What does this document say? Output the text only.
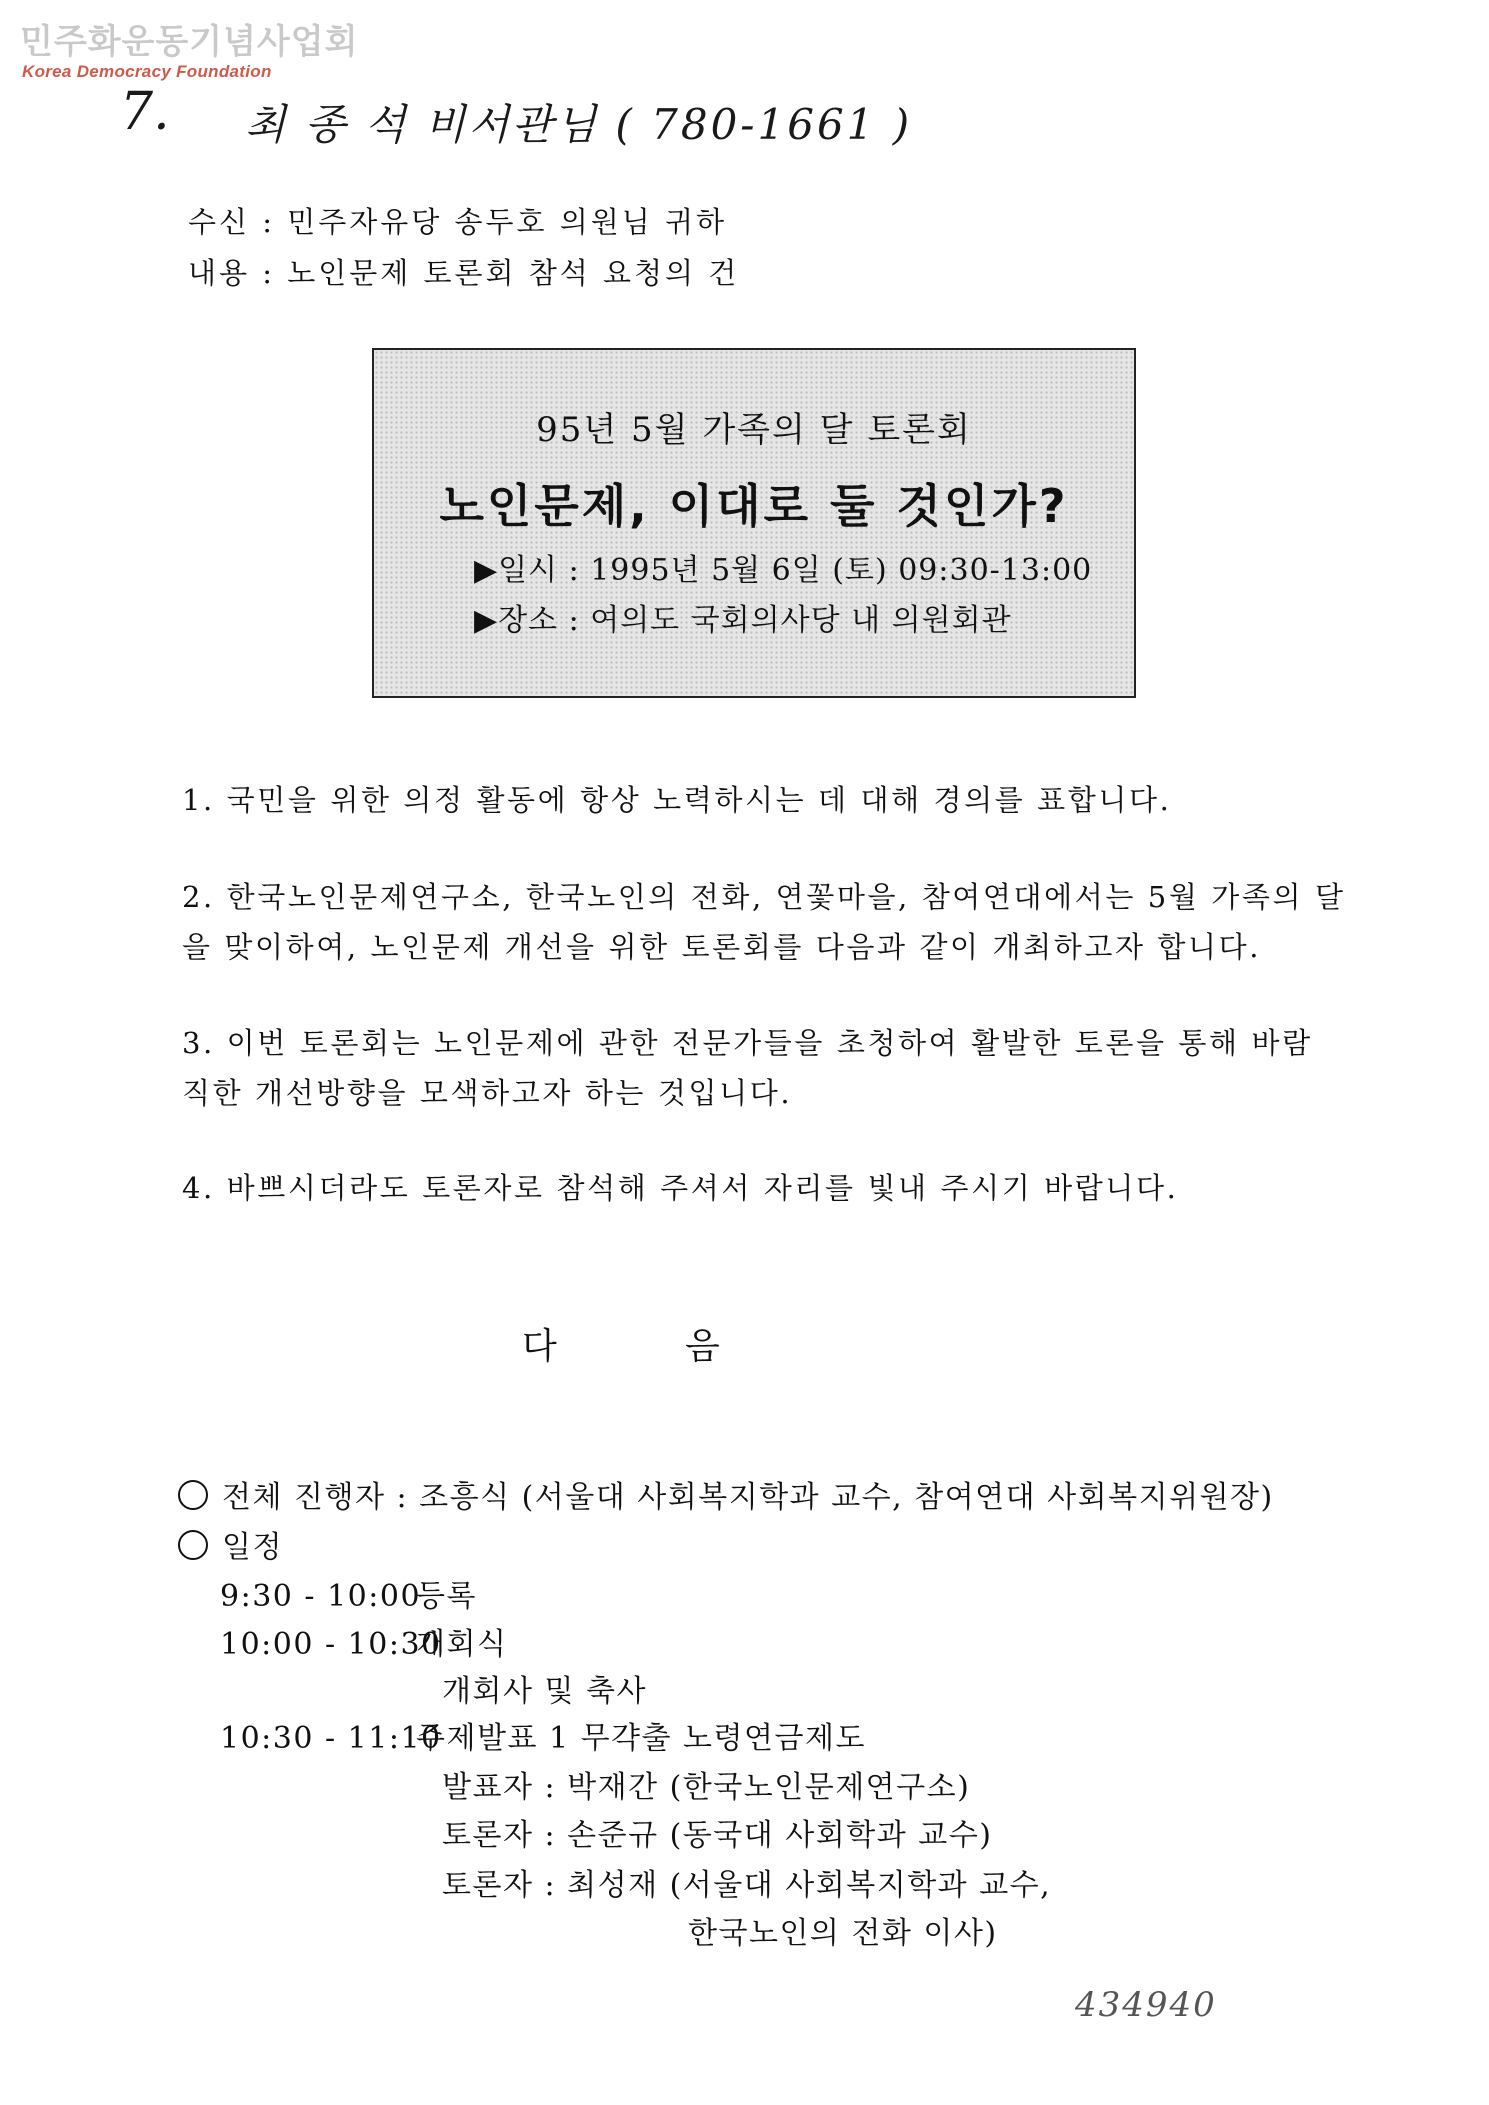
민주화운동기념사업회
Korea Democracy Foundation
7. 최 종 석 비서관님 ( 780-1661 )
수신 : 민주자유당 송두호 의원님 귀하
내용 : 노인문제 토론회 참석 요청의 건
95년 5월 가족의 달 토론회
노인문제, 이대로 둘 것인가?
▶일시 : 1995년 5월 6일 (토) 09:30-13:00
▶장소 : 여의도 국회의사당 내 의원회관
1. 국민을 위한 의정 활동에 항상 노력하시는 데 대해 경의를 표합니다.
2. 한국노인문제연구소, 한국노인의 전화, 연꽃마을, 참여연대에서는 5월 가족의 달
을 맞이하여, 노인문제 개선을 위한 토론회를 다음과 같이 개최하고자 합니다.
3. 이번 토론회는 노인문제에 관한 전문가들을 초청하여 활발한 토론을 통해 바람
직한 개선방향을 모색하고자 하는 것입니다.
4. 바쁘시더라도 토론자로 참석해 주셔서 자리를 빛내 주시기 바랍니다.
다	음
전체 진행자 : 조흥식 (서울대 사회복지학과 교수, 참여연대 사회복지위원장)
일정
9:30 - 10:00등록
10:00 - 10:30개회식
개회사 및 축사
10:30 - 11:10주제발표 1 무갹출 노령연금제도
발표자 : 박재간 (한국노인문제연구소)
토론자 : 손준규 (동국대 사회학과 교수)
토론자 : 최성재 (서울대 사회복지학과 교수,
한국노인의 전화 이사)
434940
